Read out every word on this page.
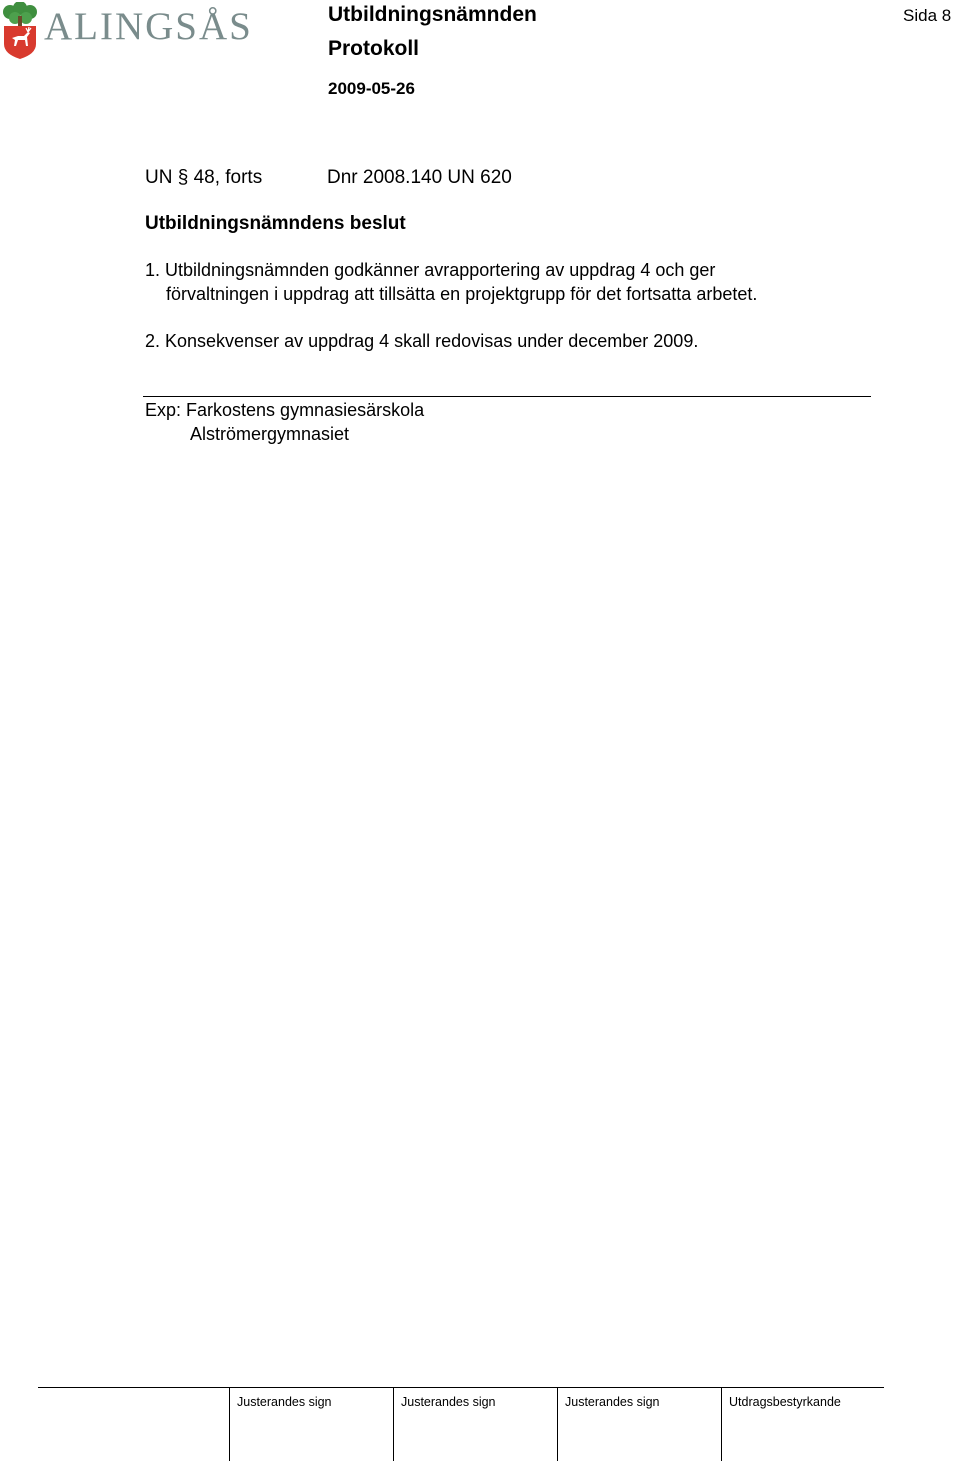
ALINGSÅS	Utbildningsnämnden
Protokoll
2009-05-26
Sida 8
UN § 48, forts	Dnr 2008.140 UN 620
Utbildningsnämndens beslut
1. Utbildningsnämnden godkänner avrapportering av uppdrag 4 och ger
förvaltningen i uppdrag att tillsätta en projektgrupp för det fortsatta arbetet.
2. Konsekvenser av uppdrag 4 skall redovisas under december 2009.
Exp: Farkostens gymnasiesärskola
Alströmergymnasiet
Justerandes sign	Justerandes sign	Justerandes sign	Utdragsbestyrkande
